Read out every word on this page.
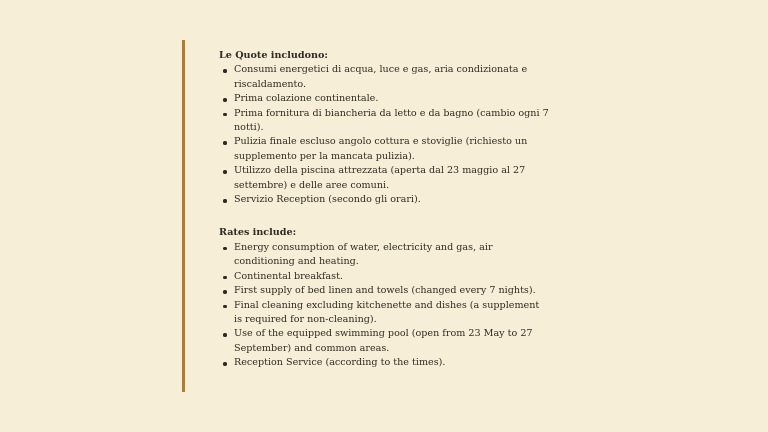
Le Quote includono:

Consumi energetici di acqua, luce e gas, aria condizionata e riscaldamento.
Prima colazione continentale.
Prima fornitura di biancheria da letto e da bagno (cambio ogni 7 notti).
Pulizia finale escluso angolo cottura e stoviglie (richiesto un supplemento per la mancata pulizia).
Utilizzo della piscina attrezzata (aperta dal 23 maggio al 27 settembre) e delle aree comuni.
Servizio Reception (secondo gli orari).

Rates include:

Energy consumption of water, electricity and gas, air conditioning and heating.
Continental breakfast.
First supply of bed linen and towels (changed every 7 nights).
Final cleaning excluding kitchenette and dishes (a supplement is required for non-cleaning).
Use of the equipped swimming pool (open from 23 May to 27 September) and common areas.
Reception Service (according to the times).
